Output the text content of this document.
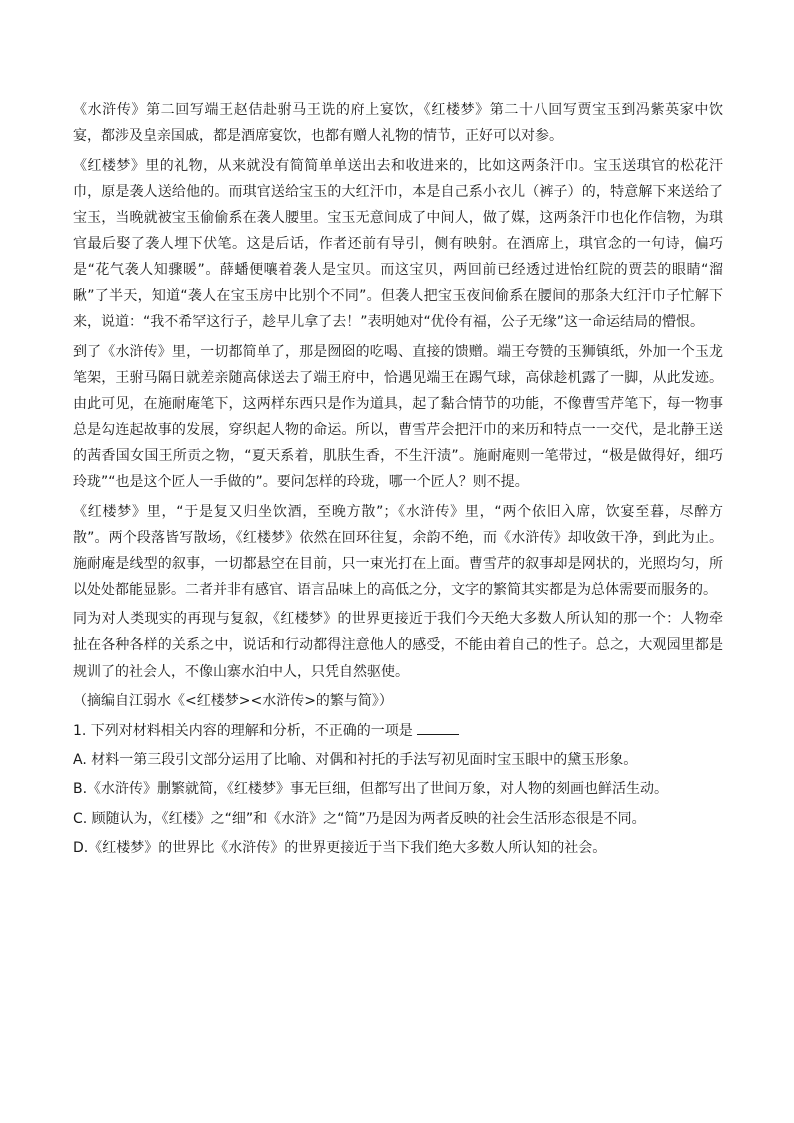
《水浒传》第二回写端王赵佶赴驸马王诜的府上宴饮，《红楼梦》第二十八回写贾宝玉到冯紫英家中饮宴，都涉及皇亲国戚，都是酒席宴饮，也都有赠人礼物的情节，正好可以对参。

《红楼梦》里的礼物，从来就没有简简单单送出去和收进来的，比如这两条汗巾。宝玉送琪官的松花汗巾，原是袭人送给他的。而琪官送给宝玉的大红汗巾，本是自己系小衣儿（裤子）的，特意解下来送给了宝玉，当晚就被宝玉偷偷系在袭人腰里。宝玉无意间成了中间人，做了媒，这两条汗巾也化作信物，为琪官最后娶了袭人埋下伏笔。这是后话，作者还前有导引，侧有映射。在酒席上，琪官念的一句诗，偏巧是“花气袭人知骤暖”。薛蟠便嚷着袭人是宝贝。而这宝贝，两回前已经透过进怡红院的贾芸的眼睛“溜瞅”了半天，知道“袭人在宝玉房中比别个不同”。但袭人把宝玉夜间偷系在腰间的那条大红汗巾子忙解下来，说道：“我不希罕这行子，趁早儿拿了去！”表明她对“优伶有福，公子无缘”这一命运结局的懵恨。

到了《水浒传》里，一切都简单了，那是囫囵的吃喝、直接的馈赠。端王夸赞的玉狮镇纸，外加一个玉龙笔架，王驸马隔日就差亲随高俅送去了端王府中，恰遇见端王在踢气球，高俅趁机露了一脚，从此发迹。由此可见，在施耐庵笔下，这两样东西只是作为道具，起了黏合情节的功能，不像曹雪芹笔下，每一物事总是勾连起故事的发展，穿织起人物的命运。所以，曹雪芹会把汗巾的来历和特点一一交代，是北静王送的茜香国女国王所贡之物，“夏天系着，肌肤生香，不生汗渍”。施耐庵则一笔带过，“极是做得好，细巧玲珑”“也是这个匠人一手做的”。要问怎样的玲珑，哪一个匠人？则不提。

《红楼梦》里，“于是复又归坐饮酒，至晚方散”；《水浒传》里，“两个依旧入席，饮宴至暮，尽醉方散”。两个段落皆写散场，《红楼梦》依然在回环往复，余韵不绝，而《水浒传》却收敛干净，到此为止。施耐庵是线型的叙事，一切都悬空在目前，只一束光打在上面。曹雪芹的叙事却是网状的，光照均匀，所以处处都能显影。二者并非有感官、语言品味上的高低之分，文字的繁简其实都是为总体需要而服务的。

同为对人类现实的再现与复叙，《红楼梦》的世界更接近于我们今天绝大多数人所认知的那一个：人物牵扯在各种各样的关系之中，说话和行动都得注意他人的感受，不能由着自己的性子。总之，大观园里都是规训了的社会人，不像山寨水泊中人，只凭自然驱使。

（摘编自江弱水《<红楼梦><水浒传>的繁与简》）

1. 下列对材料相关内容的理解和分析，不正确的一项是

A. 材料一第三段引文部分运用了比喻、对偶和衬托的手法写初见面时宝玉眼中的黛玉形象。

B.《水浒传》删繁就简，《红楼梦》事无巨细，但都写出了世间万象，对人物的刻画也鲜活生动。

C. 顾随认为，《红楼》之“细”和《水浒》之“简”乃是因为两者反映的社会生活形态很是不同。

D.《红楼梦》的世界比《水浒传》的世界更接近于当下我们绝大多数人所认知的社会。
